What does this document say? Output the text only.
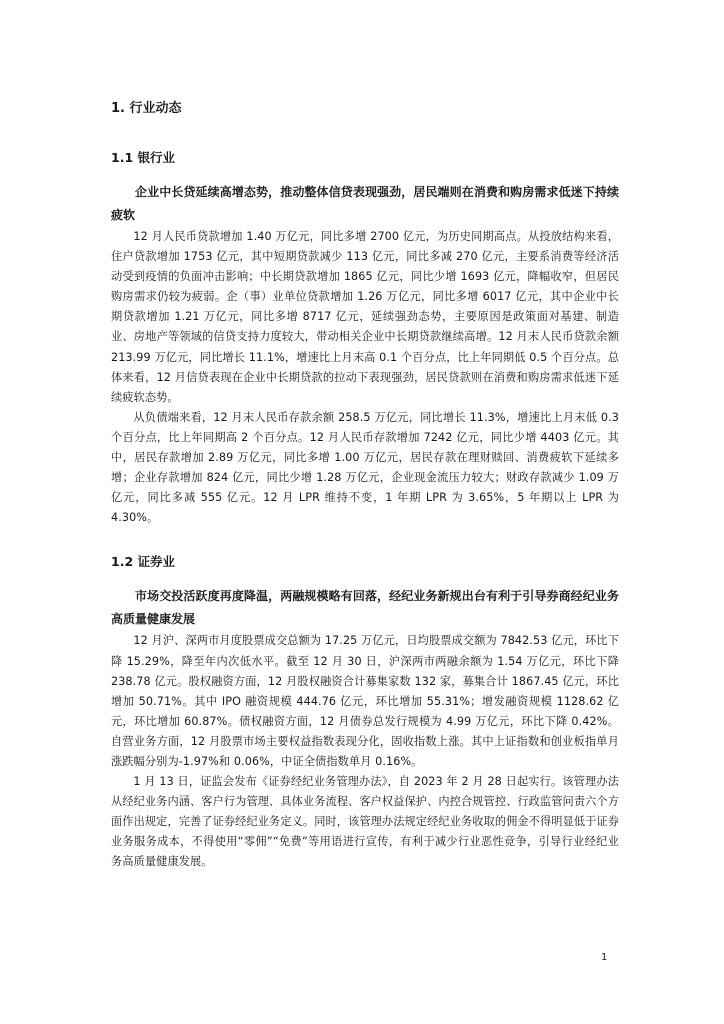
1. 行业动态
1.1 银行业

企业中长贷延续高增态势，推动整体信贷表现强劲，居民端则在消费和购房需求低迷下持续疲软

12 月人民币贷款增加 1.40 万亿元，同比多增 2700 亿元，为历史同期高点。从投放结构来看，住户贷款增加 1753 亿元，其中短期贷款减少 113 亿元，同比多减 270 亿元，主要系消费等经济活动受到疫情的负面冲击影响；中长期贷款增加 1865 亿元，同比少增 1693 亿元，降幅收窄，但居民购房需求仍较为疲弱。企（事）业单位贷款增加 1.26 万亿元，同比多增 6017 亿元，其中企业中长期贷款增加 1.21 万亿元，同比多增 8717 亿元，延续强劲态势，主要原因是政策面对基建、制造业、房地产等领域的信贷支持力度较大，带动相关企业中长期贷款继续高增。12 月末人民币贷款余额 213.99 万亿元，同比增长 11.1%，增速比上月末高 0.1 个百分点，比上年同期低 0.5 个百分点。总体来看，12 月信贷表现在企业中长期贷款的拉动下表现强劲，居民贷款则在消费和购房需求低迷下延续疲软态势。

从负债端来看，12 月末人民币存款余额 258.5 万亿元，同比增长 11.3%，增速比上月末低 0.3 个百分点，比上年同期高 2 个百分点。12 月人民币存款增加 7242 亿元，同比少增 4403 亿元。其中，居民存款增加 2.89 万亿元，同比多增 1.00 万亿元，居民存款在理财赎回、消费疲软下延续多增；企业存款增加 824 亿元，同比少增 1.28 万亿元，企业现金流压力较大；财政存款减少 1.09 万亿元，同比多减 555 亿元。12 月 LPR 维持不变，1 年期 LPR 为 3.65%，5 年期以上 LPR 为 4.30%。

1.2 证券业

市场交投活跃度再度降温，两融规模略有回落，经纪业务新规出台有利于引导券商经纪业务高质量健康发展

12 月沪、深两市月度股票成交总额为 17.25 万亿元，日均股票成交额为 7842.53 亿元，环比下降 15.29%，降至年内次低水平。截至 12 月 30 日，沪深两市两融余额为 1.54 万亿元，环比下降 238.78 亿元。股权融资方面，12 月股权融资合计募集家数 132 家，募集合计 1867.45 亿元，环比增加 50.71%。其中 IPO 融资规模 444.76 亿元，环比增加 55.31%；增发融资规模 1128.62 亿元，环比增加 60.87%。债权融资方面，12 月债券总发行规模为 4.99 万亿元，环比下降 0.42%。自营业务方面，12 月股票市场主要权益指数表现分化，固收指数上涨。其中上证指数和创业板指单月涨跌幅分别为-1.97%和 0.06%，中证全债指数单月 0.16%。

1 月 13 日，证监会发布《证券经纪业务管理办法》，自 2023 年 2 月 28 日起实行。该管理办法从经纪业务内涵、客户行为管理、具体业务流程、客户权益保护、内控合规管控、行政监管问责六个方面作出规定，完善了证券经纪业务定义。同时，该管理办法规定经纪业务收取的佣金不得明显低于证券业务服务成本，不得使用“零佣”“免费”等用语进行宣传，有利于减少行业恶性竞争，引导行业经纪业务高质量健康发展。

1
